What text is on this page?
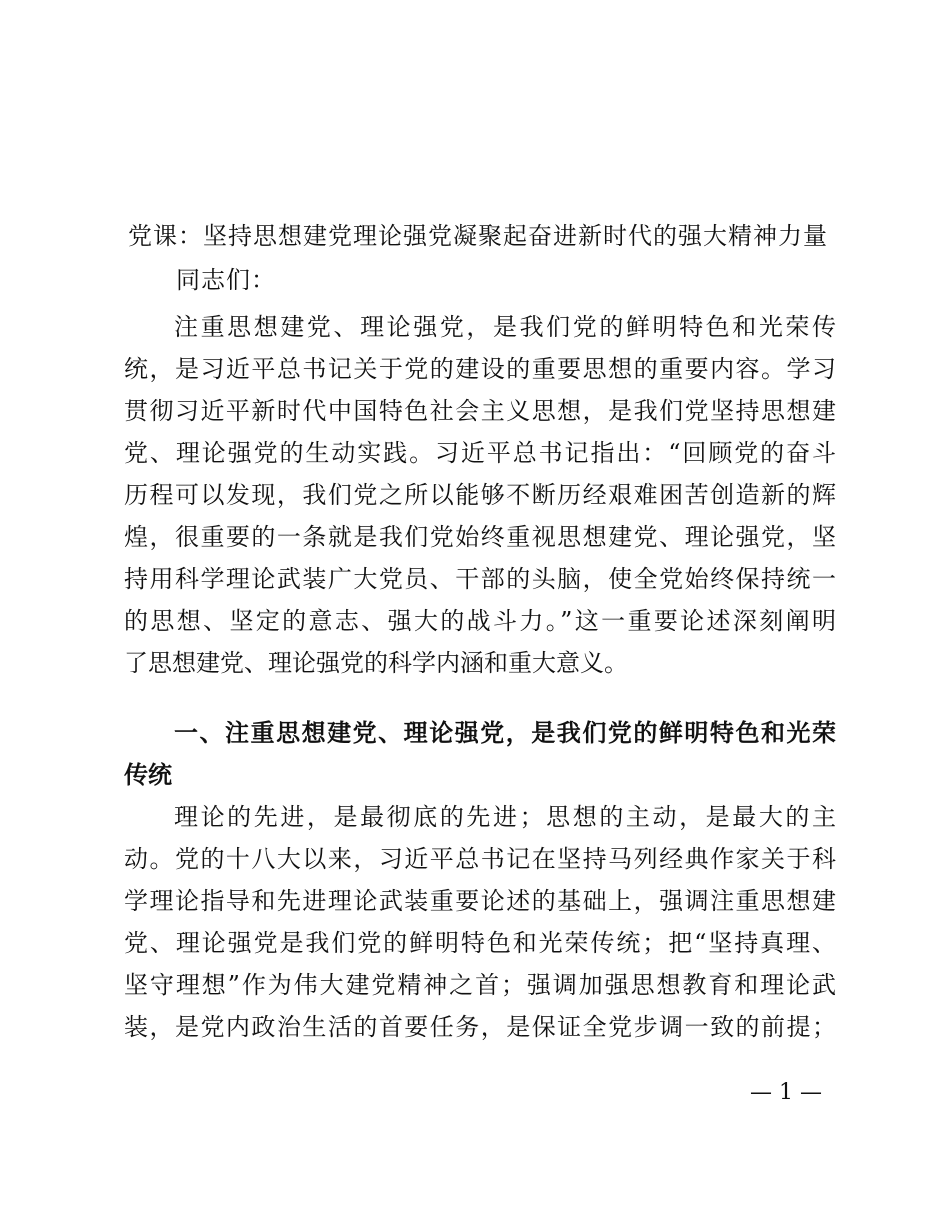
党课：坚持思想建党理论强党凝聚起奋进新时代的强大精神力量
同志们：
注重思想建党、理论强党，是我们党的鲜明特色和光荣传
统，是习近平总书记关于党的建设的重要思想的重要内容。学习
贯彻习近平新时代中国特色社会主义思想，是我们党坚持思想建
党、理论强党的生动实践。习近平总书记指出：“回顾党的奋斗
历程可以发现，我们党之所以能够不断历经艰难困苦创造新的辉
煌，很重要的一条就是我们党始终重视思想建党、理论强党，坚
持用科学理论武装广大党员、干部的头脑，使全党始终保持统一
的思想、坚定的意志、强大的战斗力。”这一重要论述深刻阐明
了思想建党、理论强党的科学内涵和重大意义。
一、注重思想建党、理论强党，是我们党的鲜明特色和光荣
传统
理论的先进，是最彻底的先进；思想的主动，是最大的主
动。党的十八大以来，习近平总书记在坚持马列经典作家关于科
学理论指导和先进理论武装重要论述的基础上，强调注重思想建
党、理论强党是我们党的鲜明特色和光荣传统；把“坚持真理、
坚守理想”作为伟大建党精神之首；强调加强思想教育和理论武
装，是党内政治生活的首要任务，是保证全党步调一致的前提；
— 1 —
